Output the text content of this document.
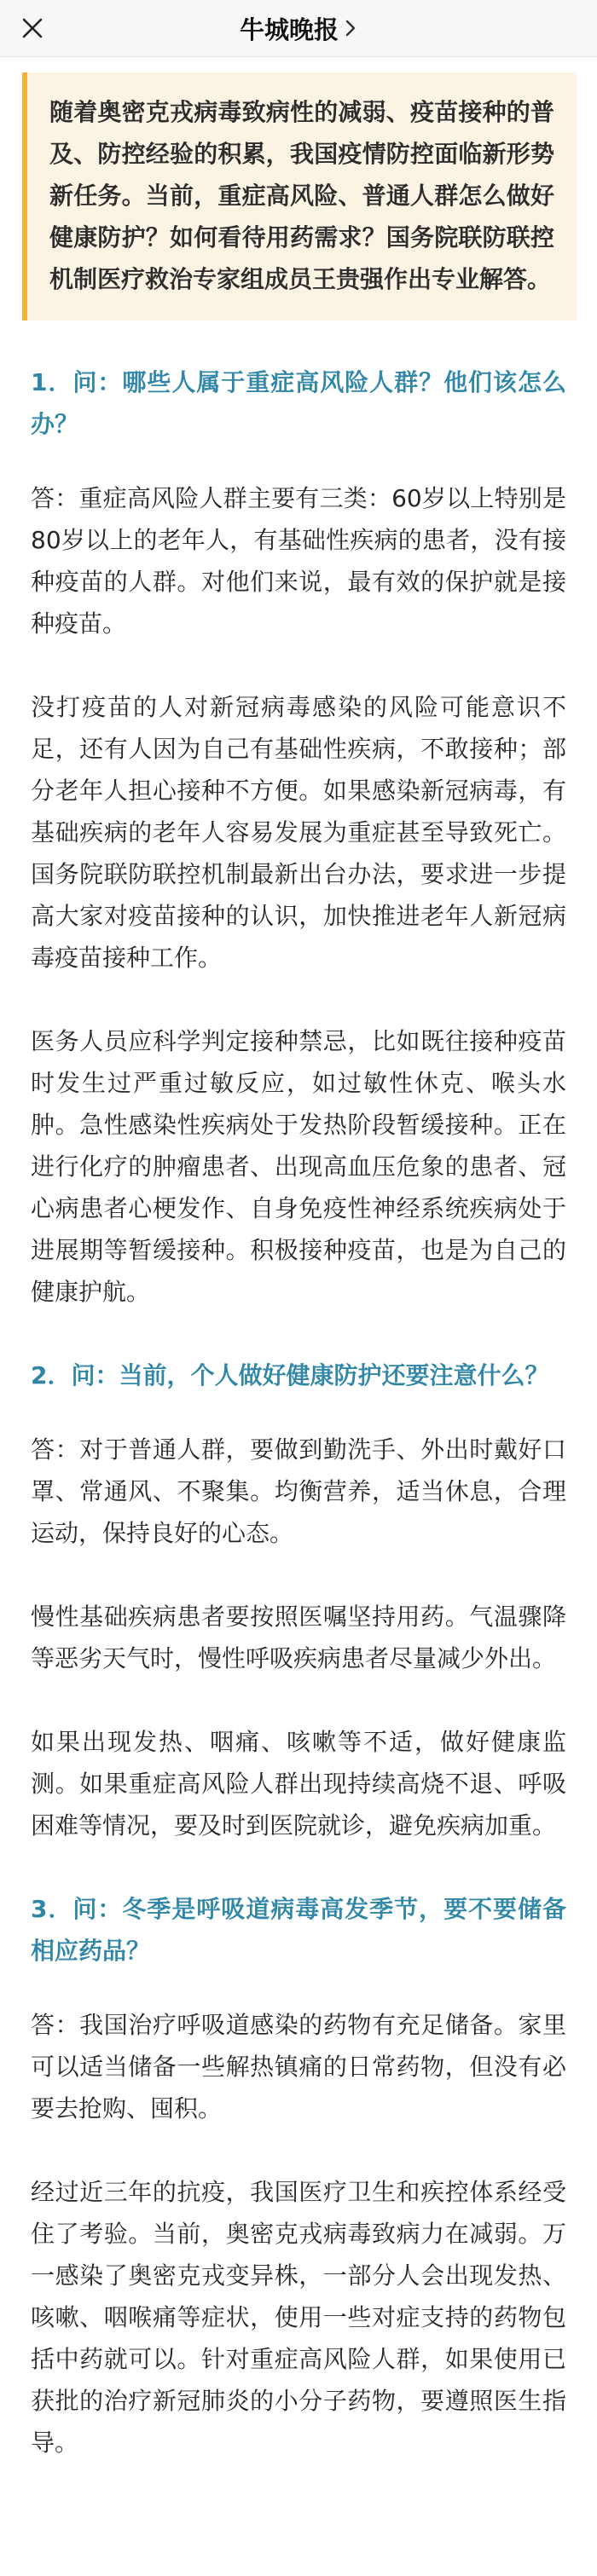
牛城晚报
随着奥密克戎病毒致病性的减弱、疫苗接种的普及、防控经验的积累，我国疫情防控面临新形势新任务。当前，重症高风险、普通人群怎么做好健康防护？如何看待用药需求？国务院联防联控机制医疗救治专家组成员王贵强作出专业解答。
1．问：哪些人属于重症高风险人群？他们该怎么办？
答：重症高风险人群主要有三类：60岁以上特别是80岁以上的老年人，有基础性疾病的患者，没有接种疫苗的人群。对他们来说，最有效的保护就是接种疫苗。
没打疫苗的人对新冠病毒感染的风险可能意识不足，还有人因为自己有基础性疾病，不敢接种；部分老年人担心接种不方便。如果感染新冠病毒，有基础疾病的老年人容易发展为重症甚至导致死亡。国务院联防联控机制最新出台办法，要求进一步提高大家对疫苗接种的认识，加快推进老年人新冠病毒疫苗接种工作。
医务人员应科学判定接种禁忌，比如既往接种疫苗时发生过严重过敏反应，如过敏性休克、喉头水肿。急性感染性疾病处于发热阶段暂缓接种。正在进行化疗的肿瘤患者、出现高血压危象的患者、冠心病患者心梗发作、自身免疫性神经系统疾病处于进展期等暂缓接种。积极接种疫苗，也是为自己的健康护航。
2．问：当前，个人做好健康防护还要注意什么？
答：对于普通人群，要做到勤洗手、外出时戴好口罩、常通风、不聚集。均衡营养，适当休息，合理运动，保持良好的心态。
慢性基础疾病患者要按照医嘱坚持用药。气温骤降等恶劣天气时，慢性呼吸疾病患者尽量减少外出。
如果出现发热、咽痛、咳嗽等不适，做好健康监测。如果重症高风险人群出现持续高烧不退、呼吸困难等情况，要及时到医院就诊，避免疾病加重。
3．问：冬季是呼吸道病毒高发季节，要不要储备相应药品？
答：我国治疗呼吸道感染的药物有充足储备。家里可以适当储备一些解热镇痛的日常药物，但没有必要去抢购、囤积。
经过近三年的抗疫，我国医疗卫生和疾控体系经受住了考验。当前，奥密克戎病毒致病力在减弱。万一感染了奥密克戎变异株，一部分人会出现发热、咳嗽、咽喉痛等症状，使用一些对症支持的药物包括中药就可以。针对重症高风险人群，如果使用已获批的治疗新冠肺炎的小分子药物，要遵照医生指导。
